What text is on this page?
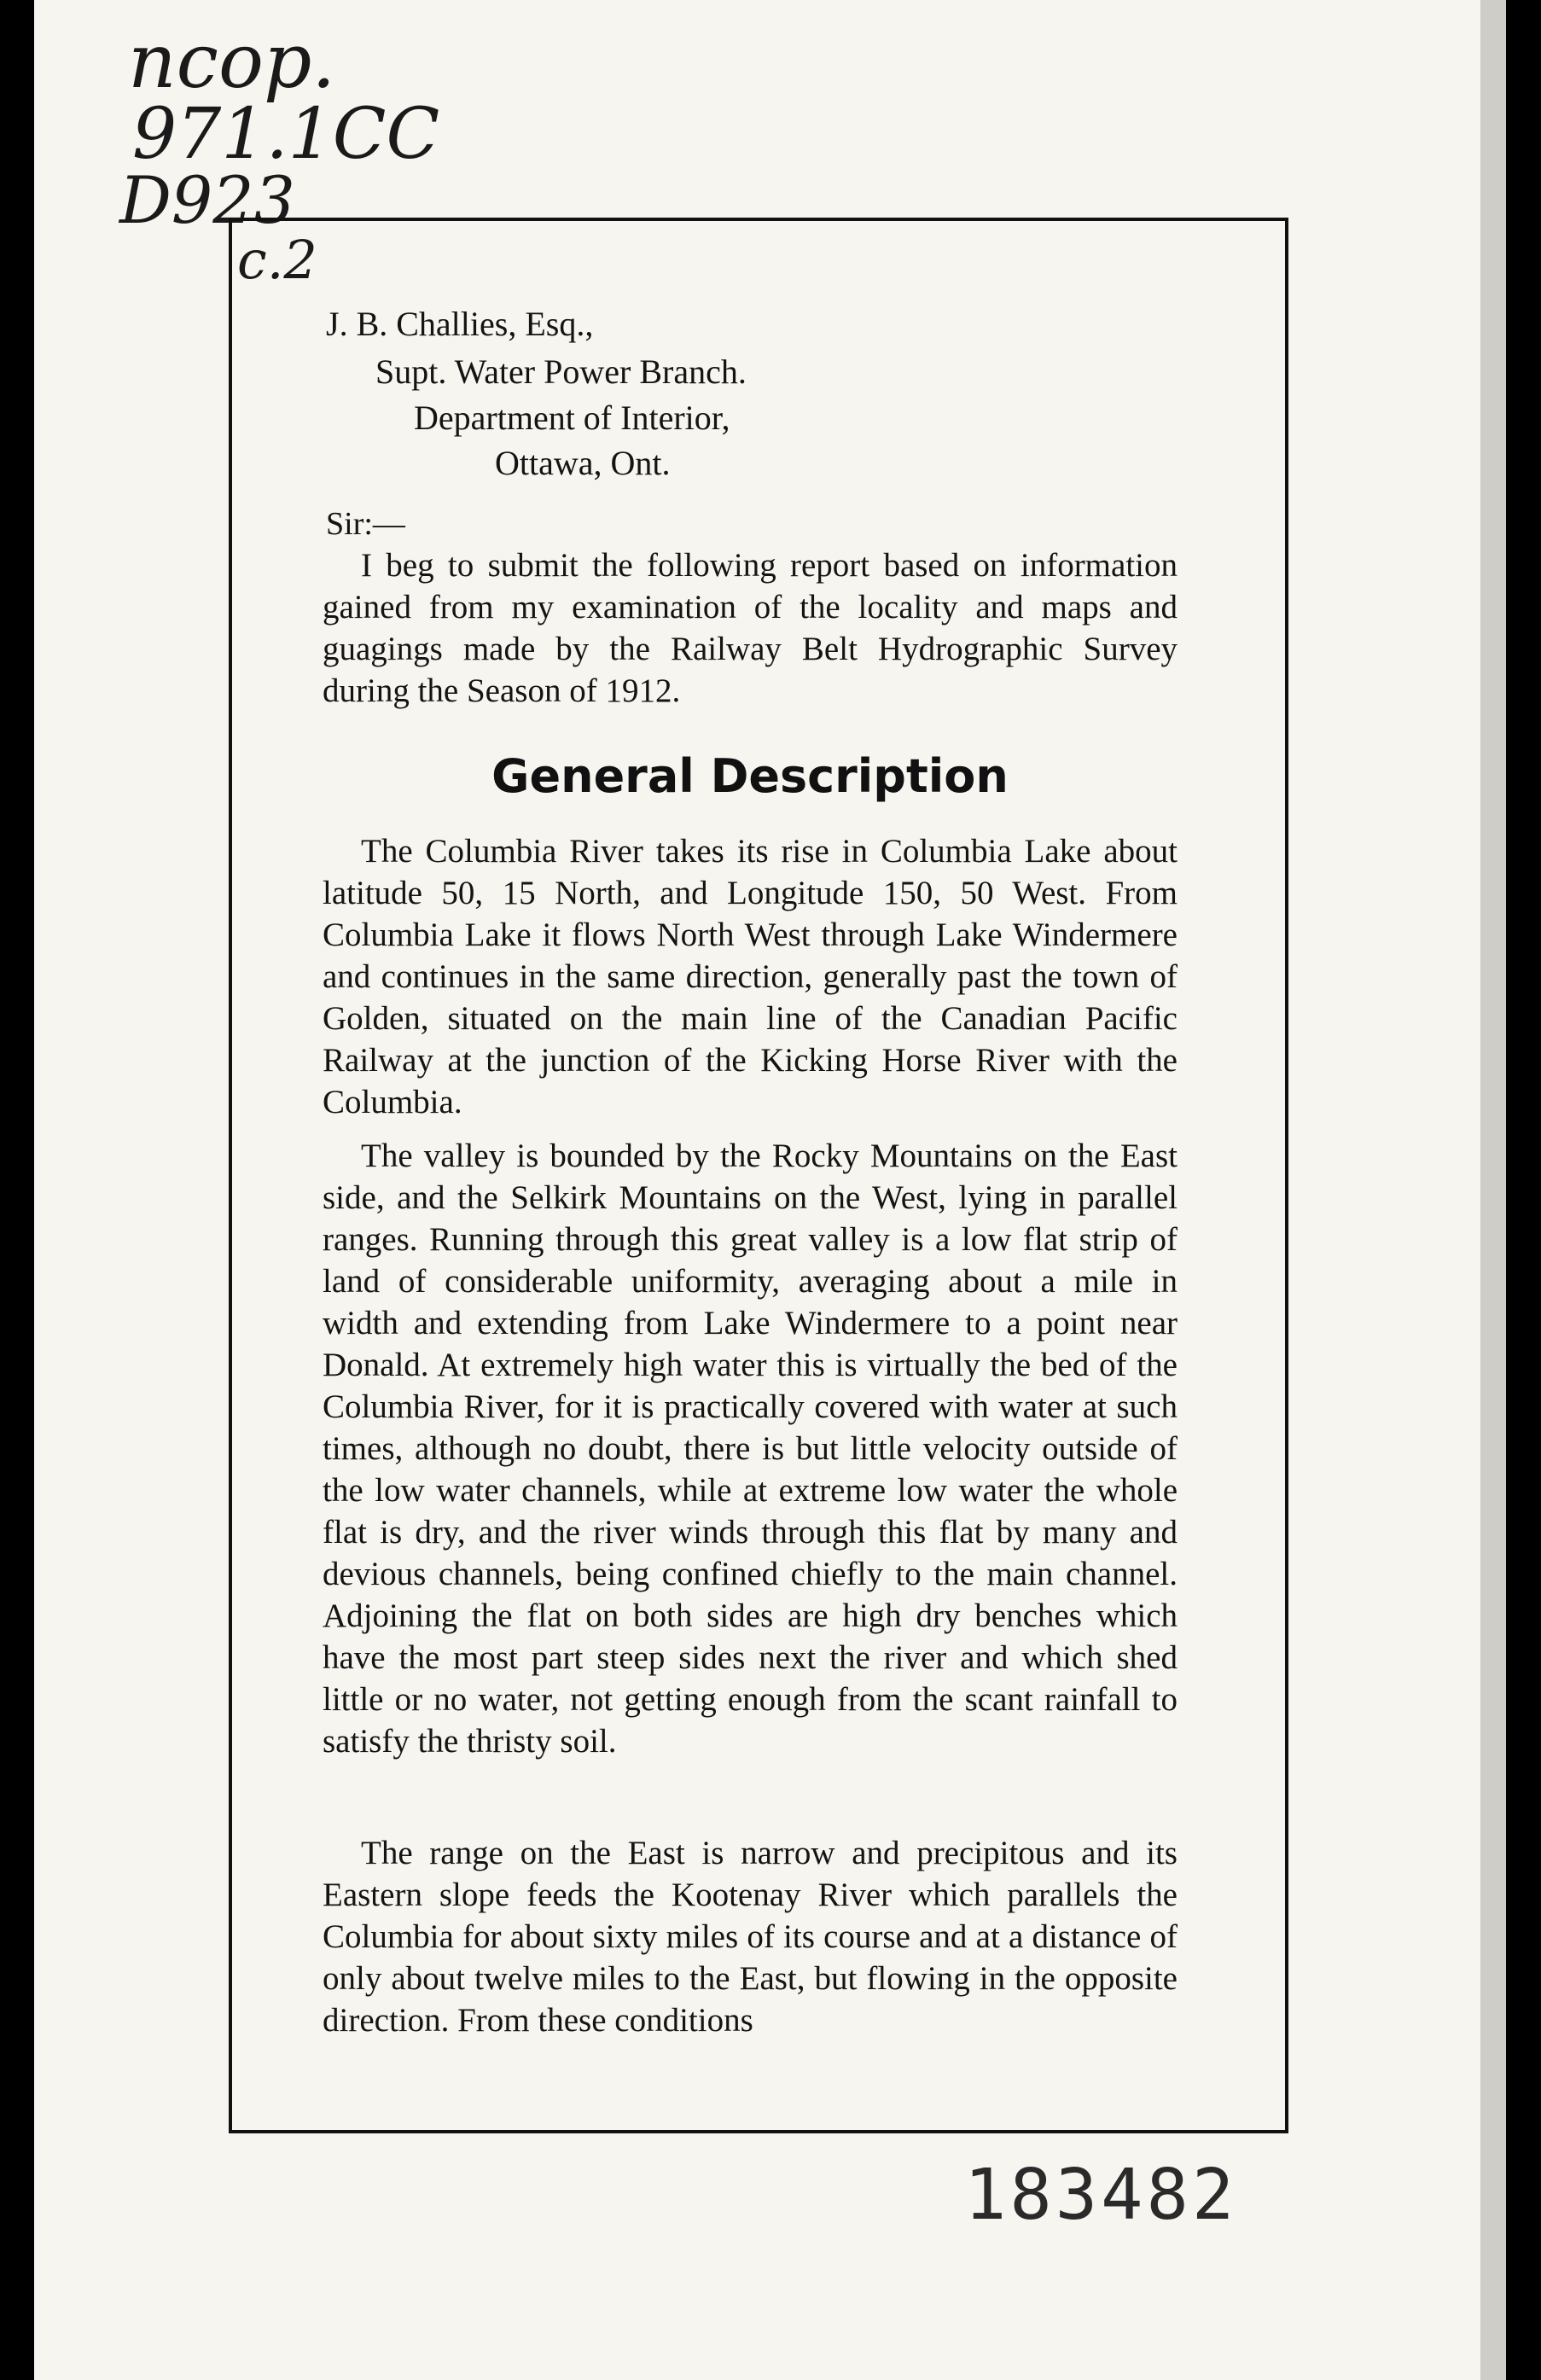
ncop.
971.1CC
D923
c.2
J. B. Challies, Esq.,
Supt. Water Power Branch.
Department of Interior,
Ottawa, Ont.
Sir:—

I beg to submit the following report based on information gained from my examination of the locality and maps and guagings made by the Railway Belt Hydrographic Survey during the Season of 1912.

General Description

The Columbia River takes its rise in Columbia Lake about latitude 50, 15 North, and Longitude 150, 50 West. From Columbia Lake it flows North West through Lake Windermere and continues in the same direction, generally past the town of Golden, situated on the main line of the Canadian Pacific Railway at the junction of the Kicking Horse River with the Columbia.

The valley is bounded by the Rocky Mountains on the East side, and the Selkirk Mountains on the West, lying in parallel ranges. Running through this great valley is a low flat strip of land of considerable uniformity, averaging about a mile in width and extending from Lake Windermere to a point near Donald. At extremely high water this is virtually the bed of the Columbia River, for it is practically covered with water at such times, although no doubt, there is but little velocity outside of the low water channels, while at extreme low water the whole flat is dry, and the river winds through this flat by many and devious channels, being confined chiefly to the main channel. Adjoining the flat on both sides are high dry benches which have the most part steep sides next the river and which shed little or no water, not getting enough from the scant rainfall to satisfy the thristy soil.

The range on the East is narrow and precipitous and its Eastern slope feeds the Kootenay River which parallels the Columbia for about sixty miles of its course and at a distance of only about twelve miles to the East, but flowing in the opposite direction. From these conditions

183482
